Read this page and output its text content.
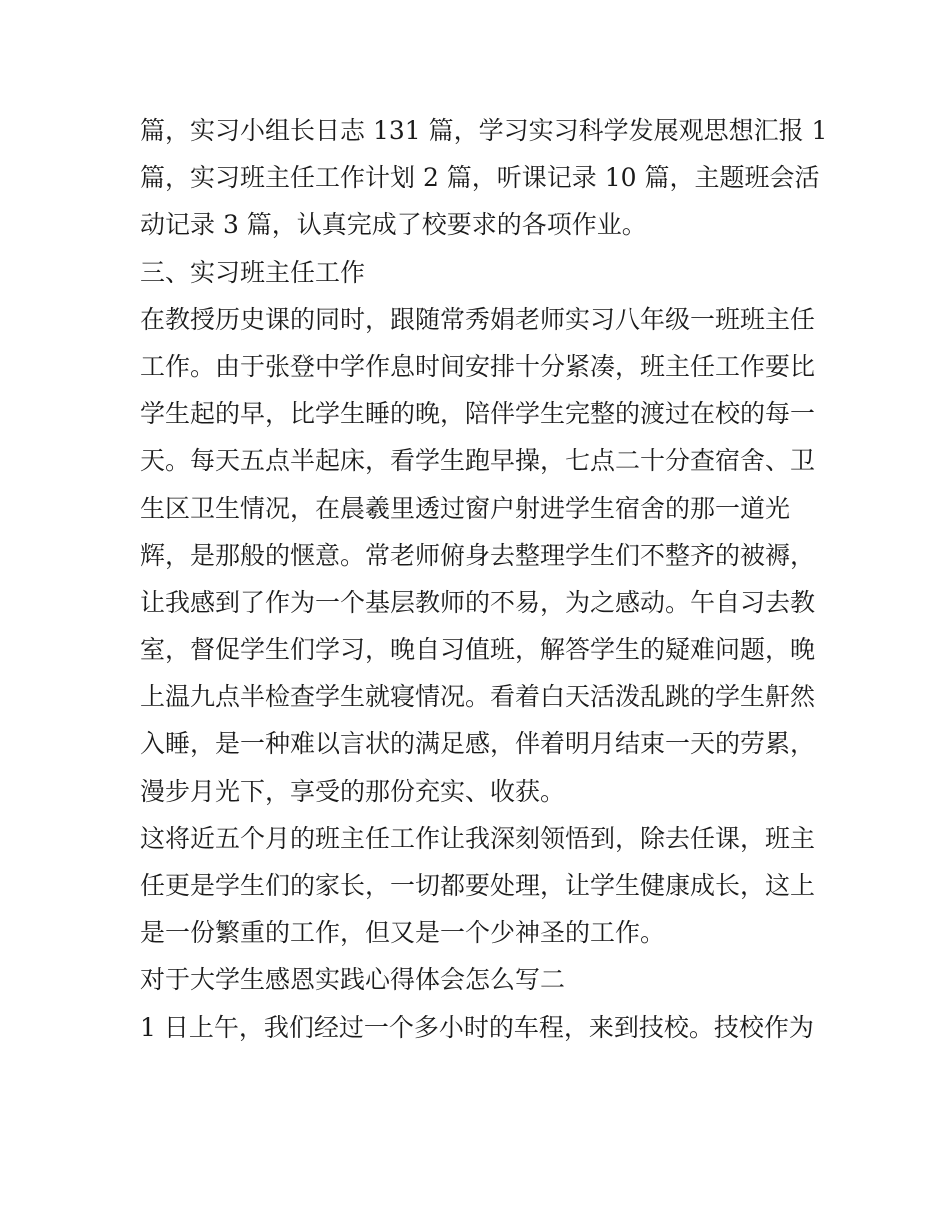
篇，实习小组长日志 131 篇，学习实习科学发展观思想汇报 1
篇，实习班主任工作计划 2 篇，听课记录 10 篇，主题班会活
动记录 3 篇，认真完成了校要求的各项作业。
三、实习班主任工作
在教授历史课的同时，跟随常秀娟老师实习八年级一班班主任
工作。由于张登中学作息时间安排十分紧凑，班主任工作要比
学生起的早，比学生睡的晚，陪伴学生完整的渡过在校的每一
天。每天五点半起床，看学生跑早操，七点二十分查宿舍、卫
生区卫生情况，在晨羲里透过窗户射进学生宿舍的那一道光
辉，是那般的惬意。常老师俯身去整理学生们不整齐的被褥，
让我感到了作为一个基层教师的不易，为之感动。午自习去教
室，督促学生们学习，晚自习值班，解答学生的疑难问题，晚
上温九点半检查学生就寝情况。看着白天活泼乱跳的学生鼾然
入睡，是一种难以言状的满足感，伴着明月结束一天的劳累，
漫步月光下，享受的那份充实、收获。
这将近五个月的班主任工作让我深刻领悟到，除去任课，班主
任更是学生们的家长，一切都要处理，让学生健康成长，这上
是一份繁重的工作，但又是一个少神圣的工作。
对于大学生感恩实践心得体会怎么写二
1 日上午，我们经过一个多小时的车程，来到技校。技校作为
